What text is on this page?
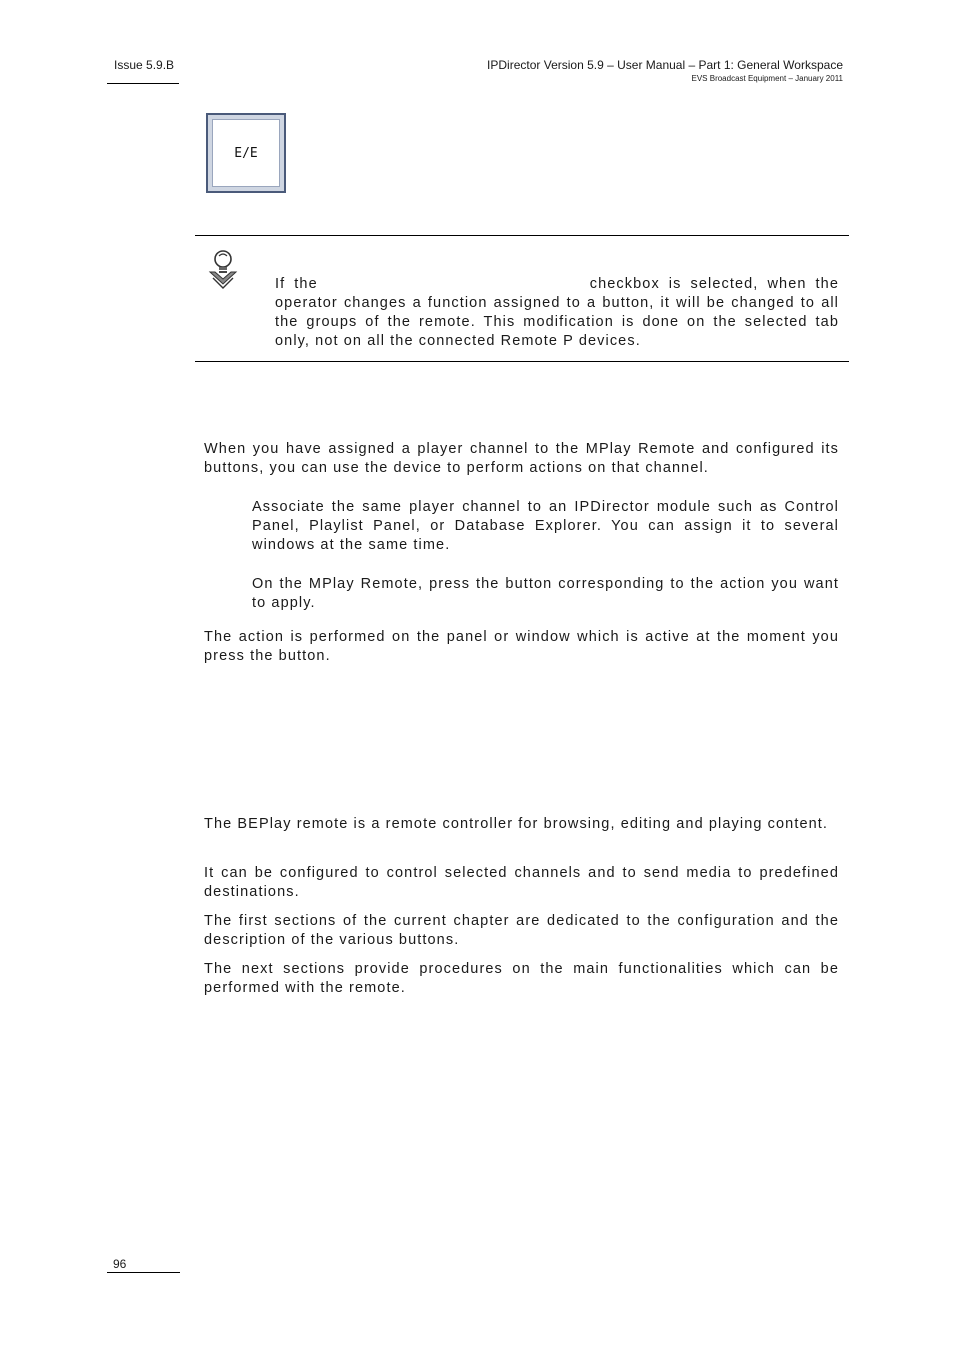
Issue 5.9.B	IPDirector Version 5.9 – User Manual – Part 1: General Workspace
EVS Broadcast Equipment – January 2011
E/E
If the	checkbox is selected, when the operator changes a function assigned to a button, it will be changed to all the groups of the remote. This modification is done on the selected tab only, not on all the connected Remote P devices.
When you have assigned a player channel to the MPlay Remote and configured its buttons, you can use the device to perform actions on that channel.
Associate the same player channel to an IPDirector module such as Control Panel, Playlist Panel, or Database Explorer. You can assign it to several windows at the same time.
On the MPlay Remote, press the button corresponding to the action you want to apply.
The action is performed on the panel or window which is active at the moment you press the button.
The BEPlay remote is a remote controller for browsing, editing and playing content.
It can be configured to control selected channels and to send media to predefined destinations.
The first sections of the current chapter are dedicated to the configuration and the description of the various buttons.
The next sections provide procedures on the main functionalities which can be performed with the remote.
96
